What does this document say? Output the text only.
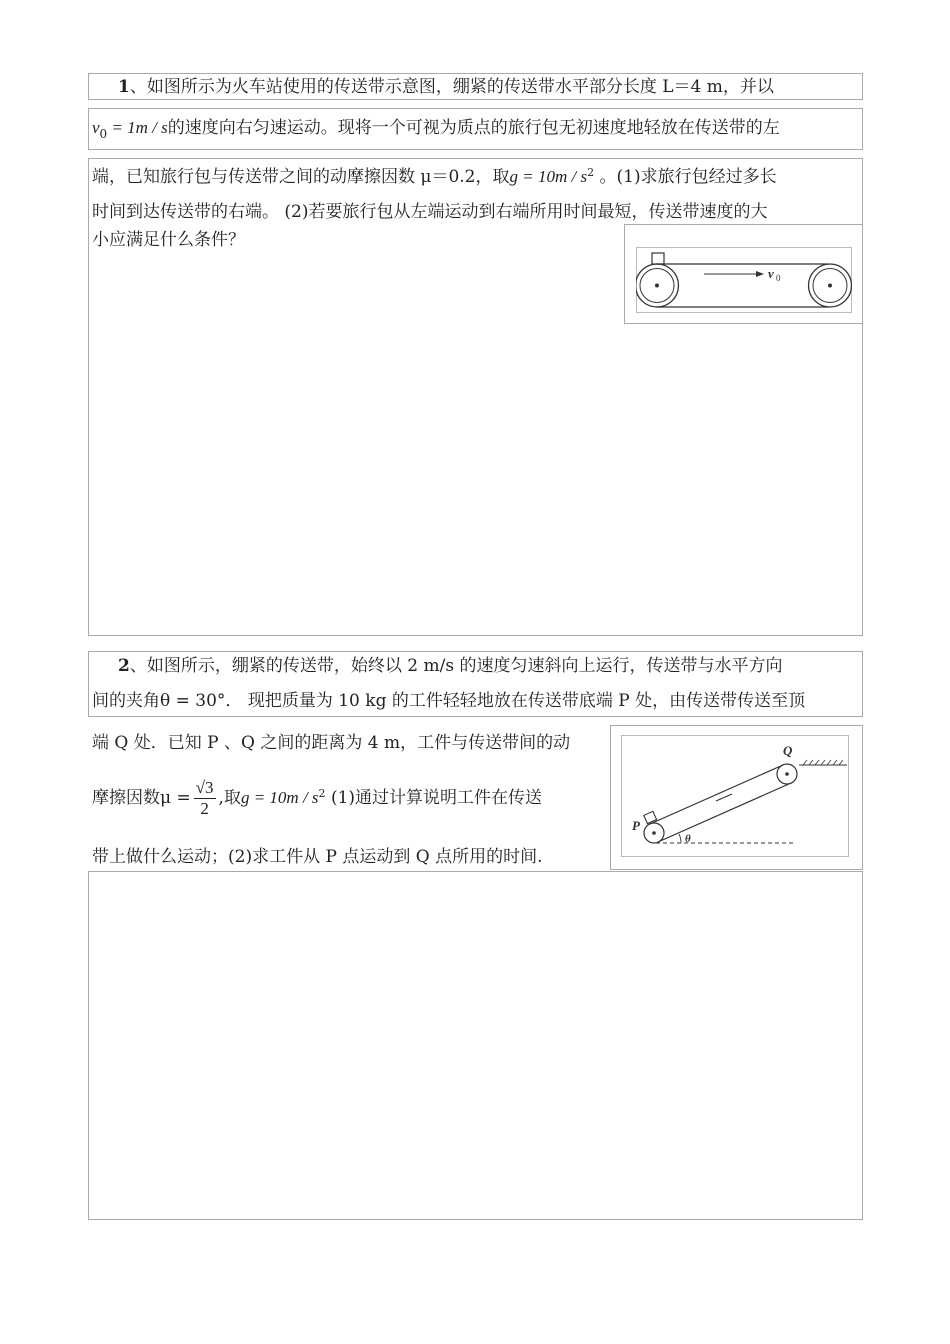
1、如图所示为火车站使用的传送带示意图，绷紧的传送带水平部分长度 L＝4 m，并以
$v_0 = 1m / s$的速度向右匀速运动。现将一个可视为质点的旅行包无初速度地轻放在传送带的左
端，已知旅行包与传送带之间的动摩擦因数 μ＝0.2，取$g = 10m / s^2$ 。(1)求旅行包经过多长
时间到达传送带的右端。 (2)若要旅行包从左端运动到右端所用时间最短，传送带速度的大
小应满足什么条件？
v 0
2、如图所示，绷紧的传送带，始终以 2 m/s 的速度匀速斜向上运行，传送带与水平方向
间的夹角θ = 30°． 现把质量为 10 kg 的工件轻轻地放在传送带底端 P 处，由传送带传送至顶
端 Q 处．已知 P 、Q 之间的距离为 4 m，工件与传送带间的动
摩擦因数$\mu = \frac{√3}{2}$ ,取$g = 10m / s^2$ (1)通过计算说明工件在传送
带上做什么运动；(2)求工件从 P 点运动到 Q 点所用的时间.
θ
P
Q
